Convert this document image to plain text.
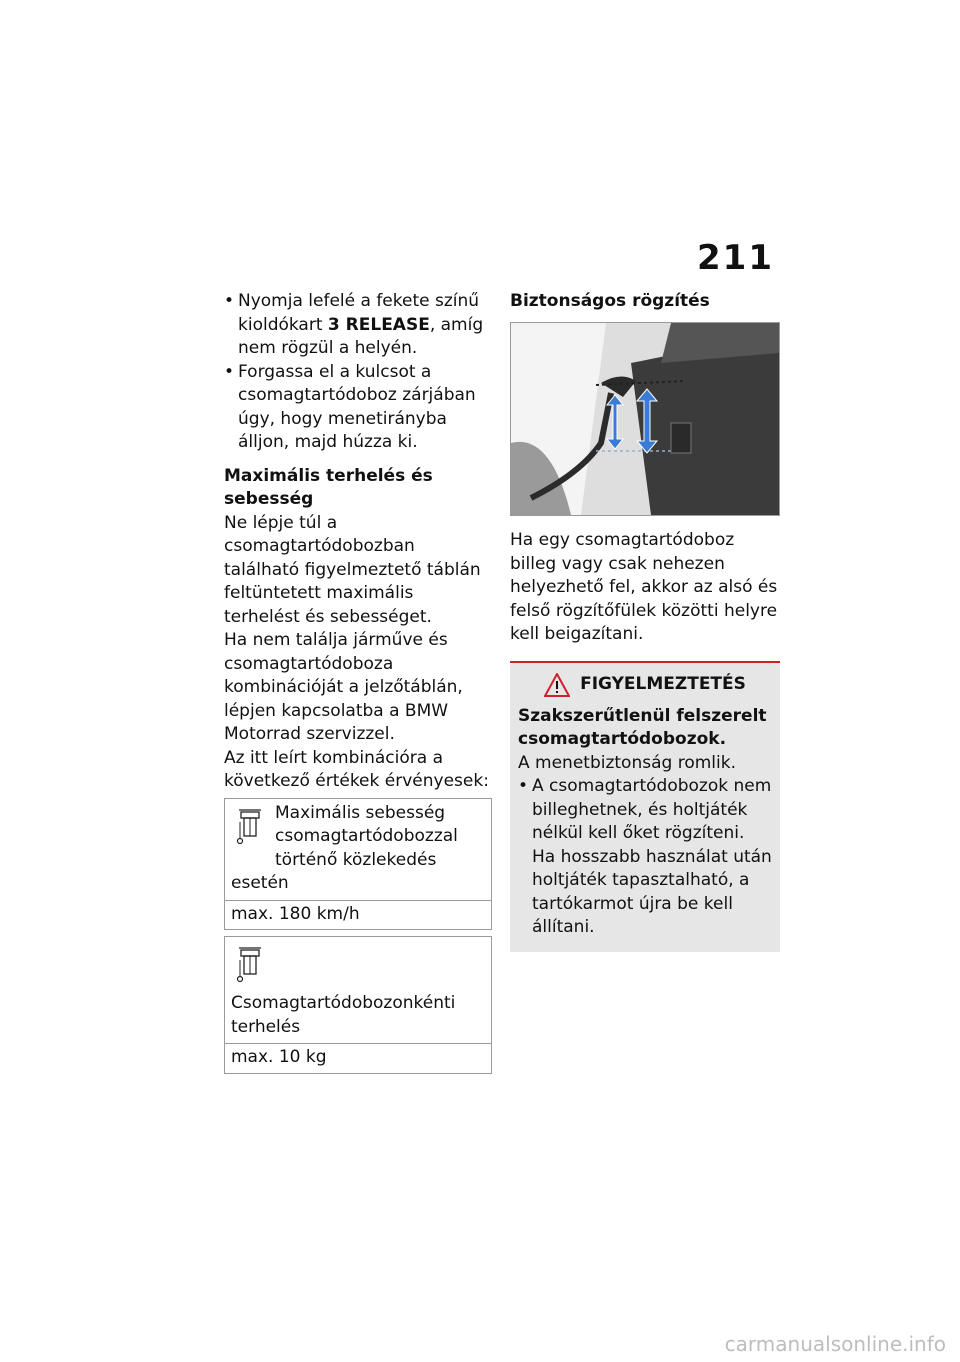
211
• Nyomja lefelé a fekete színű kioldókart 3 RELEASE, amíg nem rögzül a helyén.
• Forgassa el a kulcsot a csomagtartódoboz zárjában úgy, hogy menetirányba álljon, majd húzza ki.
Maximális terhelés és sebesség

Ne lépje túl a csomagtartódobozban található figyelmeztető táblán feltüntetett maximális terhelést és sebességet.

Ha nem találja járműve és csomagtartódoboza kombinációját a jelzőtáblán, lépjen kapcsolatba a BMW Motorrad szervizzel.

Az itt leírt kombinációra a következő értékek érvényesek:

Maximális sebesség csomagtartódobozzal történő közlekedés esetén
max. 180 km/h
Csomagtartódobozonkénti terhelés
max. 10 kg
Biztonságos rögzítés

Ha egy csomagtartódoboz billeg vagy csak nehezen helyezhető fel, akkor az alsó és felső rögzítőfülek közötti helyre kell beigazítani.

FIGYELMEZTETÉS
Szakszerűtlenül felszerelt csomagtartódobozok.

A menetbiztonság romlik.

• A csomagtartódobozok nem billeghetnek, és holtjáték nélkül kell őket rögzíteni.
Ha hosszabb használat után holtjáték tapasztalható, a tartókarmot újra be kell állítani.
carmanualsonline.info
